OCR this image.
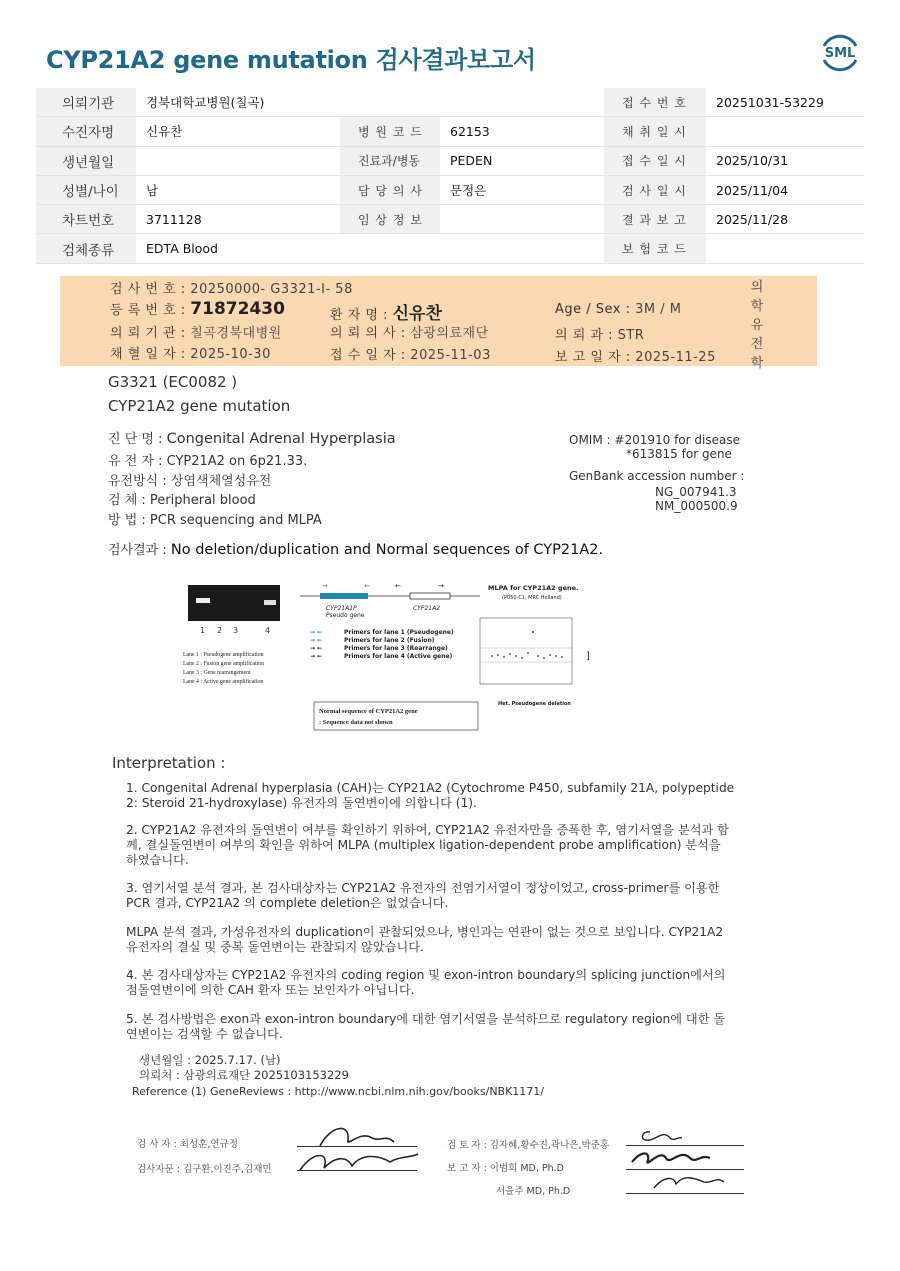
CYP21A2 gene mutation 검사결과보고서	SML
의뢰기관	경북대학교병원(칠곡)			접 수 번 호	20251031-53229
수진자명	신유찬	병 원 코 드	62153	채 취 일 시	
생년월일		진료과/병동	PEDEN	접 수 일 시	2025/10/31
성별/나이	남	담 당 의 사	문정은	검 사 일 시	2025/11/04
차트번호	3711128	임 상 정 보		결 과 보 고	2025/11/28
검체종류	EDTA Blood			보 험 코 드	
검 사 번 호 : 20250000- G3321-I- 58
등 록 번 호 : 71872430	환 자 명 : 신유찬	Age / Sex : 3M / M
의 뢰 기 관 : 칠곡경북대병원	의 뢰 의 사 : 삼광의료재단	의 뢰 과 : STR
채 혈 일 자 : 2025-10-30	접 수 일 자 : 2025-11-03	보 고 일 자 : 2025-11-25
의
학
유
전
학
G3321 (EC0082 )
CYP21A2 gene mutation
진 단 명 : Congenital Adrenal Hyperplasia
유 전 자 : CYP21A2 on 6p21.33.
유전방식 : 상염색체열성유전
검 체 : Peripheral blood
방 법 : PCR sequencing and MLPA
OMIM : #201910 for disease
*613815 for gene
GenBank accession number :
NG_007941.3
NM_000500.9
검사결과 : No deletion/duplication and Normal sequences of CYP21A2.
1 2 3	4
Lane 1 : Pseudogene amplification
Lane 2 : Fusion gene amplification
Lane 3 : Gene rearrangement
Lane 4 : Active gene amplification
→	←	←	→
CYP21A1P
Pseudo gene
CYP21A2
→ ←
→ ←
→ ←
→ ←
Primers for lane 1 (Pseudogene)
Primers for lane 2 (Fusion)
Primers for lane 3 (Rearrange)
Primers for lane 4 (Active gene)
MLPA for CYP21A2 gene.
(P050-C1, MRC Holland)
]
Het. Pseudogene deletion
Normal sequence of CYP21A2 gene
: Sequence data not shown
Interpretation :
1. Congenital Adrenal hyperplasia (CAH)는 CYP21A2 (Cytochrome P450, subfamily 21A, polypeptide 2: Steroid 21-hydroxylase) 유전자의 돌연변이에 의합니다 (1).
2. CYP21A2 유전자의 돌연변이 여부를 확인하기 위하여, CYP21A2 유전자만을 증폭한 후, 염기서열을 분석과 함께, 결실돌연변이 여부의 확인을 위하여 MLPA (multiplex ligation-dependent probe amplification) 분석을 하였습니다.
3. 염기서열 분석 결과, 본 검사대상자는 CYP21A2 유전자의 전염기서열이 정상이었고, cross-primer를 이용한 PCR 결과, CYP21A2 의 complete deletion은 없었습니다.
MLPA 분석 결과, 가성유전자의 duplication이 관찰되었으나, 병인과는 연관이 없는 것으로 보입니다. CYP21A2 유전자의 결실 및 중복 돌연변이는 관찰되지 않았습니다.
4. 본 검사대상자는 CYP21A2 유전자의 coding region 및 exon-intron boundary의 splicing junction에서의 점돌연변이에 의한 CAH 환자 또는 보인자가 아닙니다.
5. 본 검사방법은 exon과 exon-intron boundary에 대한 염기서열을 분석하므로 regulatory region에 대한 돌연변이는 검색할 수 없습니다.
생년월일 : 2025.7.17. (남)
의뢰처 : 삼광의료재단 2025103153229
Reference (1) GeneReviews : http://www.ncbi.nlm.nih.gov/books/NBK1171/
검 사 자 : 최성훈,연규정
검사자문 : 김구환,이진주,김재민
검 토 자 : 김자혜,황수진,곽나은,박준홍
보 고 자 : 이범희 MD, Ph.D
서을주 MD, Ph.D
